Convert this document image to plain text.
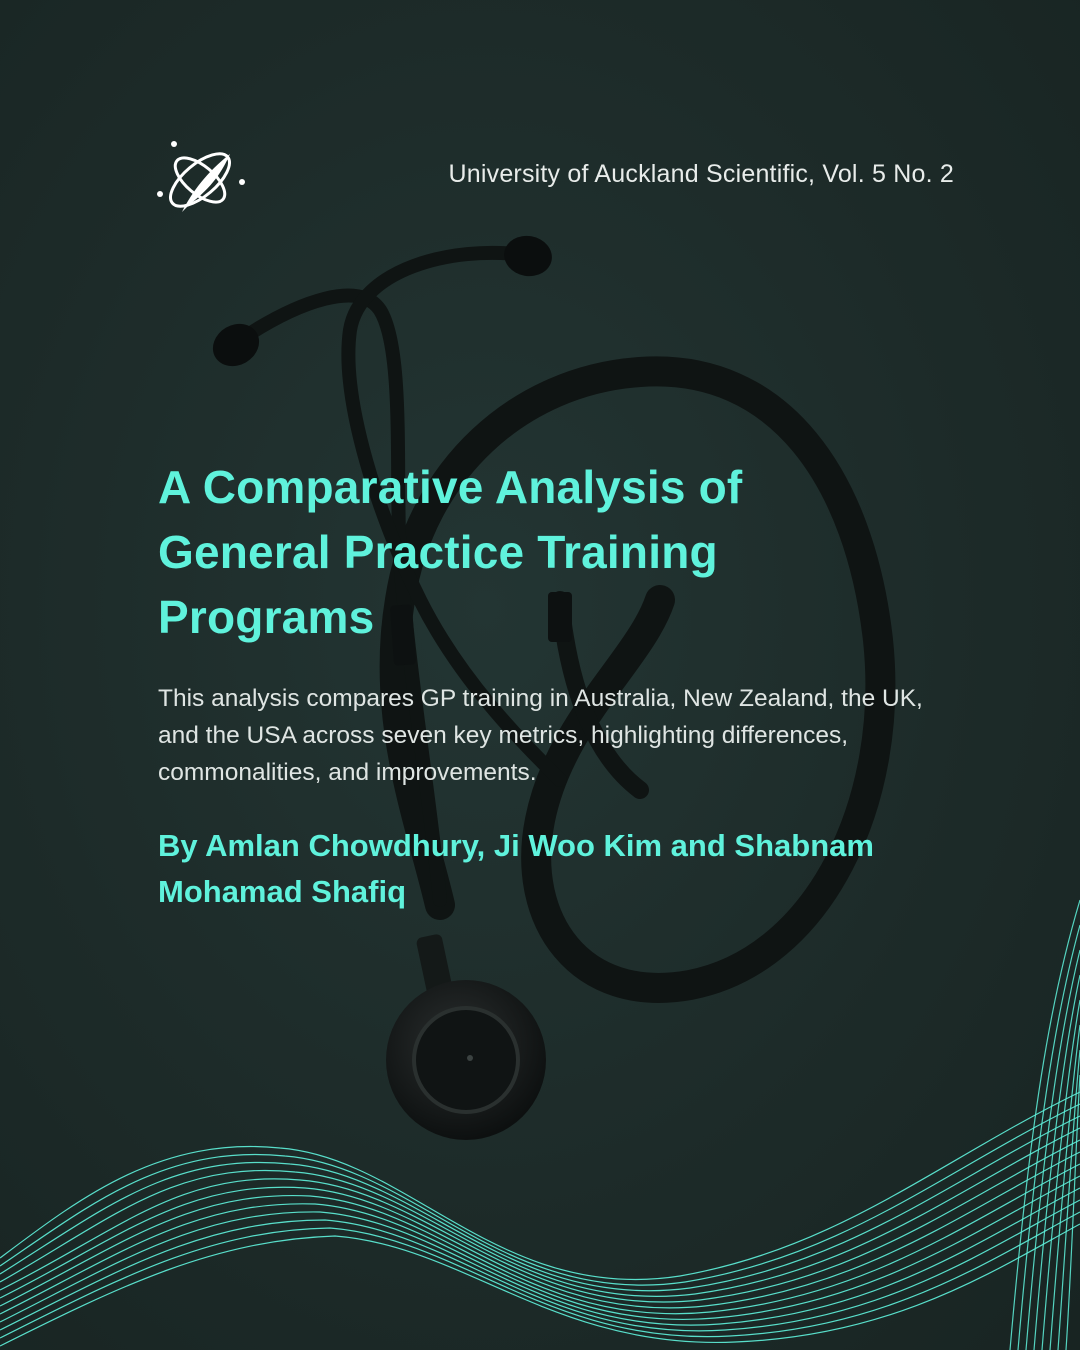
University of Auckland Scientific, Vol. 5 No. 2
A Comparative Analysis of
General Practice Training
Programs

This analysis compares GP training in Australia, New Zealand, the UK, and the USA across seven key metrics, highlighting differences, commonalities, and improvements.

By Amlan Chowdhury, Ji Woo Kim and Shabnam Mohamad Shafiq
